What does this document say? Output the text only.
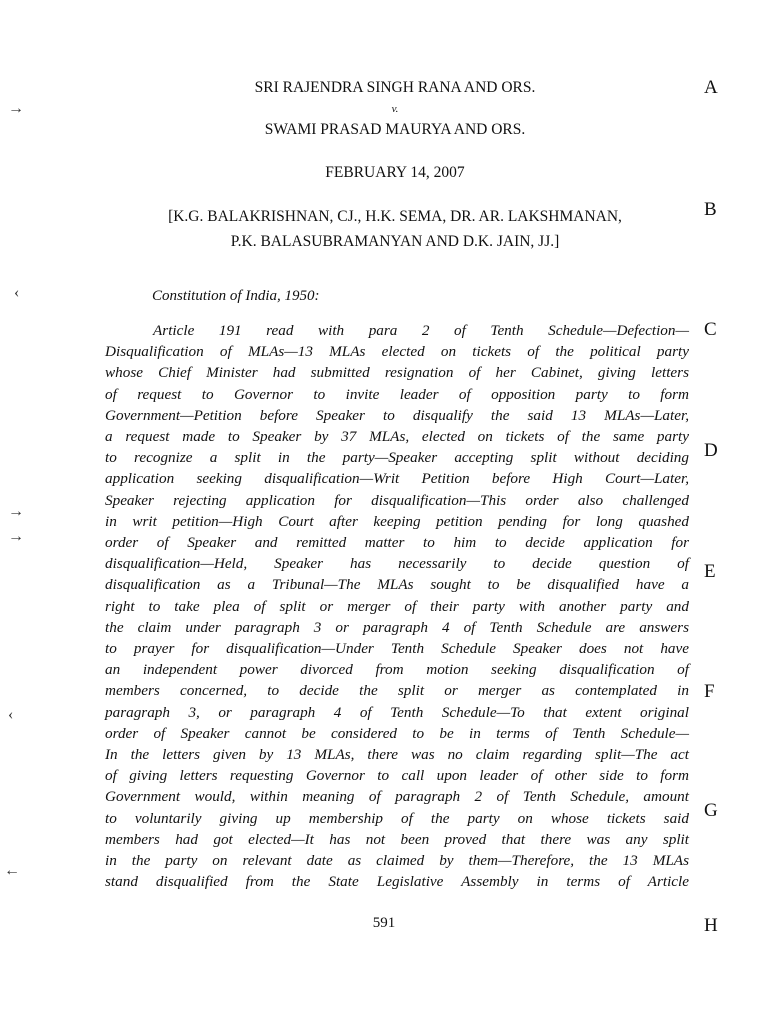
SRI RAJENDRA SINGH RANA AND ORS.
v.
SWAMI PRASAD MAURYA AND ORS.
FEBRUARY 14, 2007
[K.G. BALAKRISHNAN, CJ., H.K. SEMA, DR. AR. LAKSHMANAN,
P.K. BALASUBRAMANYAN AND D.K. JAIN, JJ.]
Constitution of India, 1950:
Article 191 read with para 2 of Tenth Schedule—Defection—
Disqualification of MLAs—13 MLAs elected on tickets of the political party
whose Chief Minister had submitted resignation of her Cabinet, giving letters
of request to Governor to invite leader of opposition party to form
Government—Petition before Speaker to disqualify the said 13 MLAs—Later,
a request made to Speaker by 37 MLAs, elected on tickets of the same party
to recognize a split in the party—Speaker accepting split without deciding
application seeking disqualification—Writ Petition before High Court—Later,
Speaker rejecting application for disqualification—This order also challenged
in writ petition—High Court after keeping petition pending for long quashed
order of Speaker and remitted matter to him to decide application for
disqualification—Held, Speaker has necessarily to decide question of
disqualification as a Tribunal—The MLAs sought to be disqualified have a
right to take plea of split or merger of their party with another party and
the claim under paragraph 3 or paragraph 4 of Tenth Schedule are answers
to prayer for disqualification—Under Tenth Schedule Speaker does not have
an independent power divorced from motion seeking disqualification of
members concerned, to decide the split or merger as contemplated in
paragraph 3, or paragraph 4 of Tenth Schedule—To that extent original
order of Speaker cannot be considered to be in terms of Tenth Schedule—
In the letters given by 13 MLAs, there was no claim regarding split—The act
of giving letters requesting Governor to call upon leader of other side to form
Government would, within meaning of paragraph 2 of Tenth Schedule, amount
to voluntarily giving up membership of the party on whose tickets said
members had got elected—It has not been proved that there was any split
in the party on relevant date as claimed by them—Therefore, the 13 MLAs
stand disqualified from the State Legislative Assembly in terms of Article
591
A
B
C
D
E
F
G
H
→
‹
→
→
‹
←
